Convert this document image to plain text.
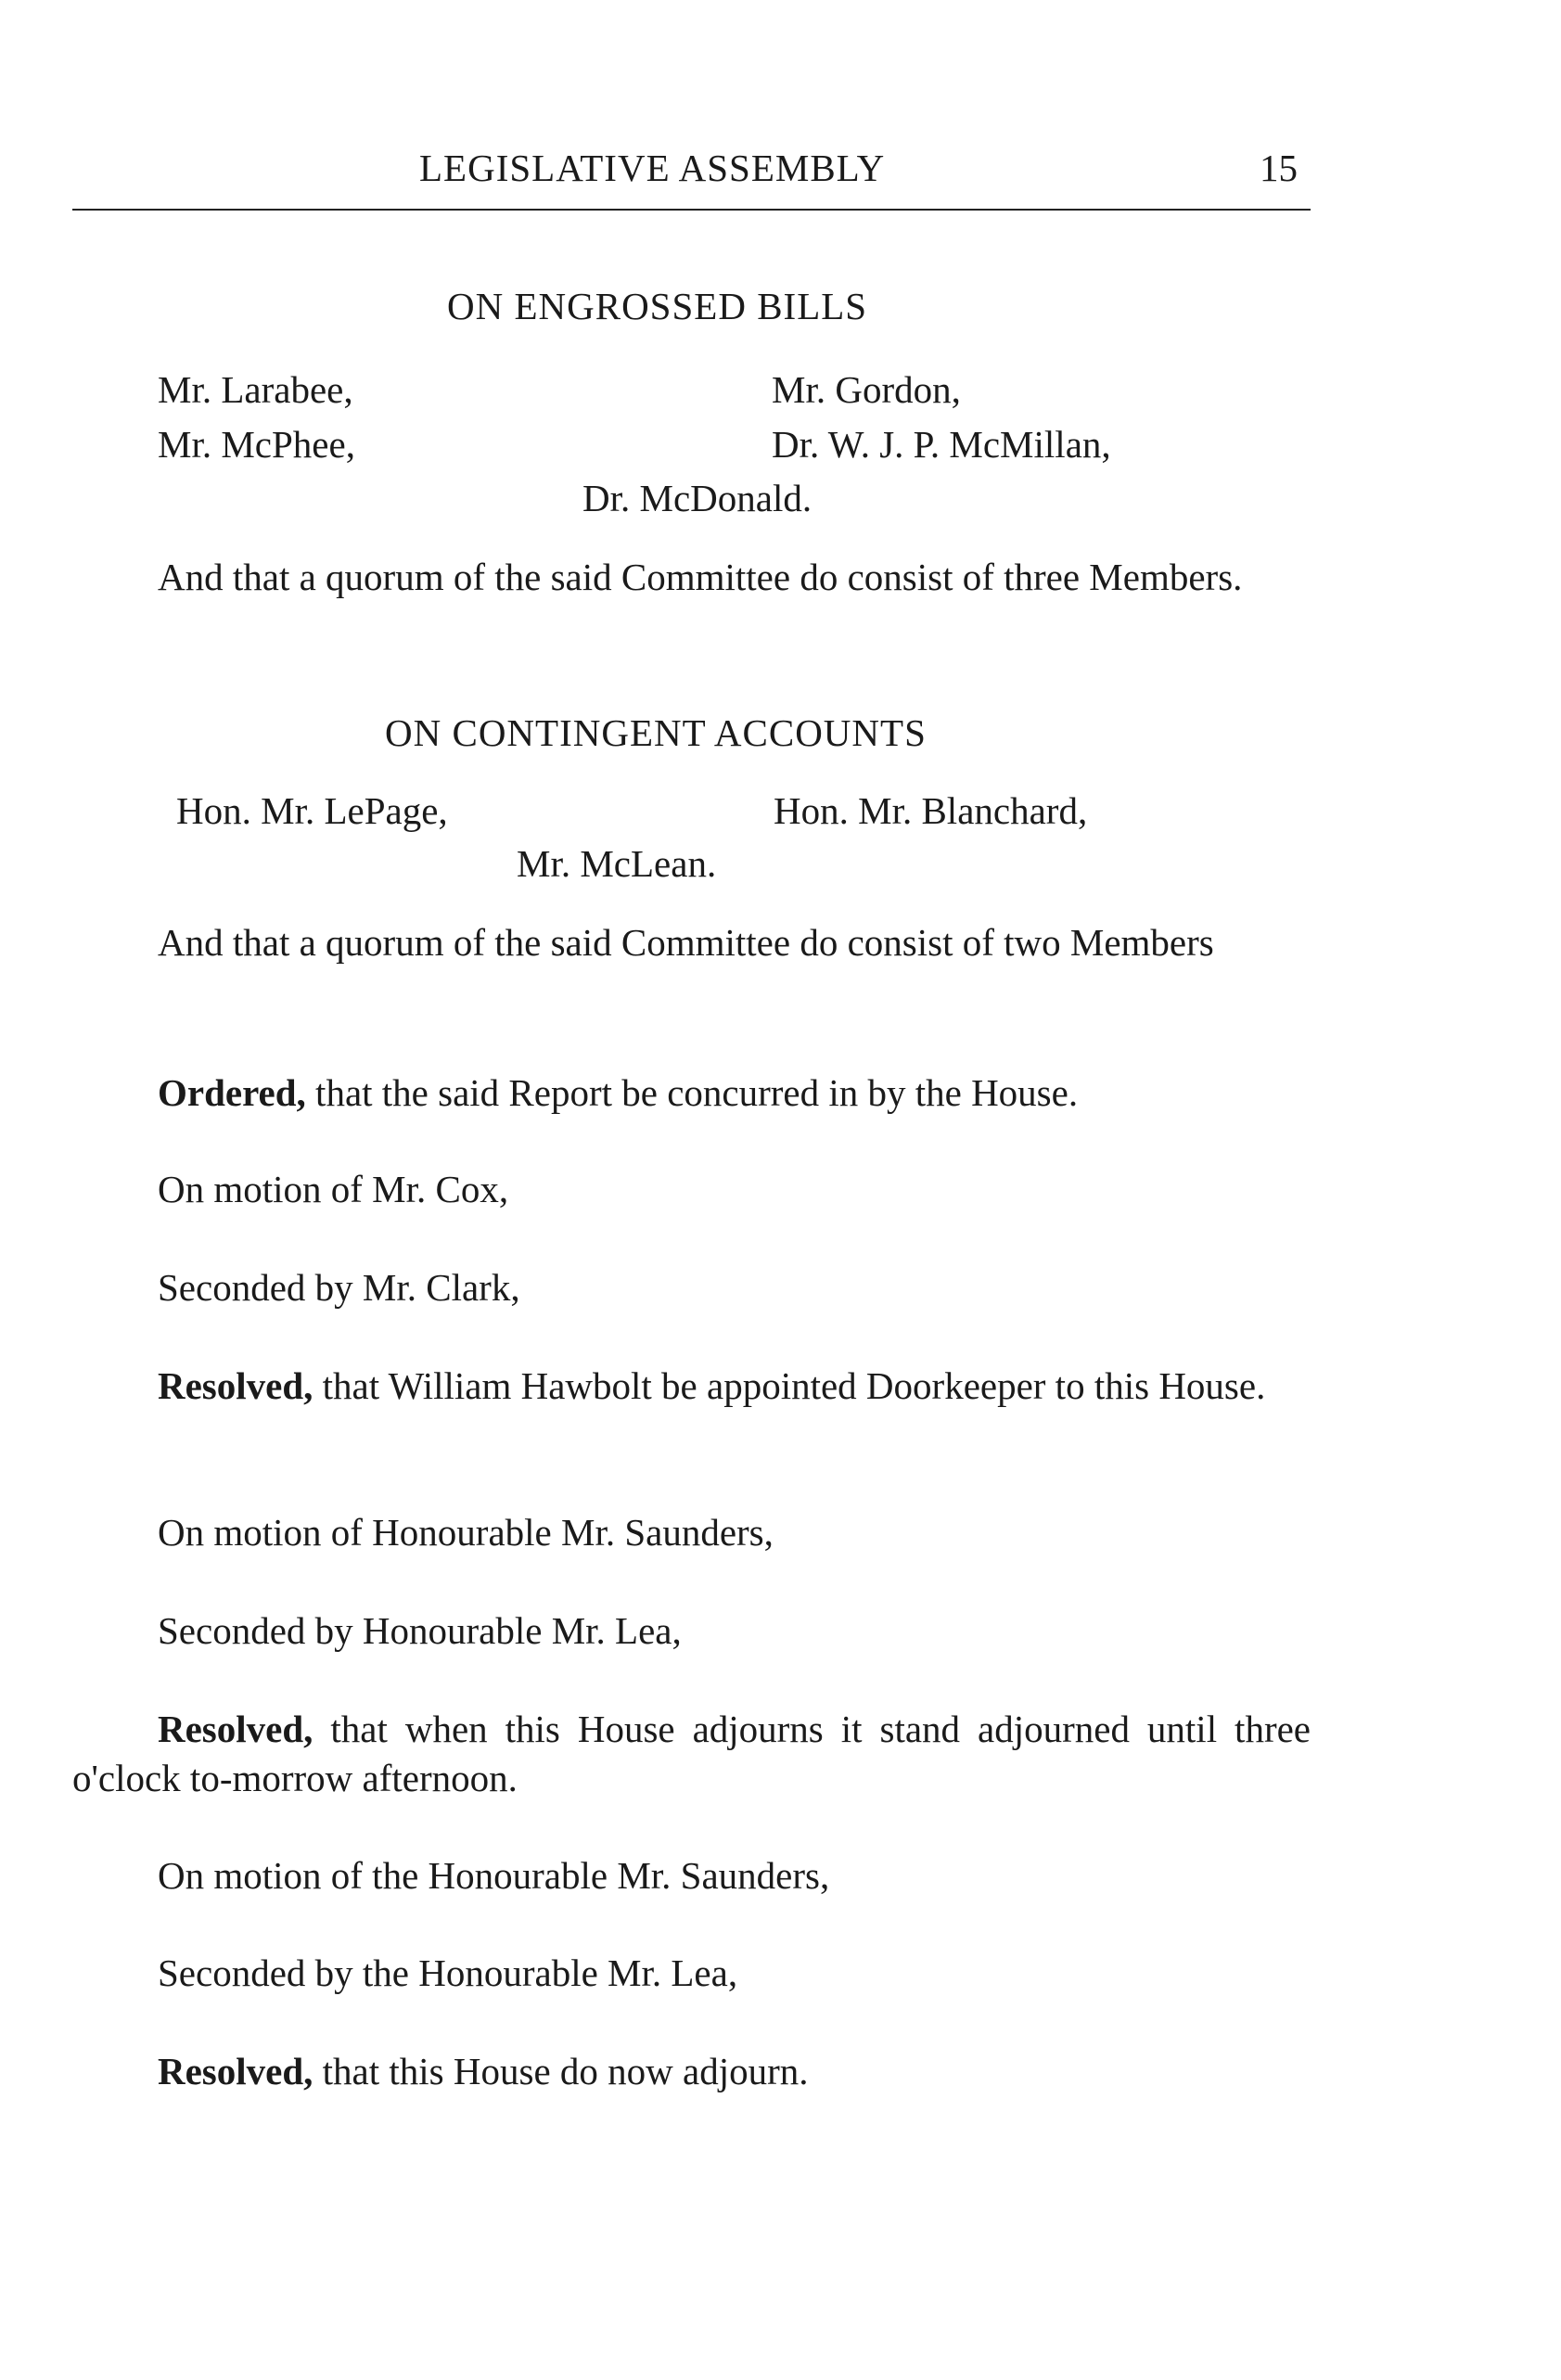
LEGISLATIVE ASSEMBLY	15
ON ENGROSSED BILLS
Mr. Larabee,	Mr. Gordon,
Mr. McPhee,	Dr. W. J. P. McMillan,
Dr. McDonald.
And that a quorum of the said Committee do consist of three Members.
ON CONTINGENT ACCOUNTS
Hon. Mr. LePage,	Hon. Mr. Blanchard,
Mr. McLean.
And that a quorum of the said Committee do consist of two Members
Ordered, that the said Report be concurred in by the House.
On motion of Mr. Cox,
Seconded by Mr. Clark,
Resolved, that William Hawbolt be appointed Doorkeeper to this House.
On motion of Honourable Mr. Saunders,
Seconded by Honourable Mr. Lea,
Resolved, that when this House adjourns it stand adjourned until three o'clock to-morrow afternoon.
On motion of the Honourable Mr. Saunders,
Seconded by the Honourable Mr. Lea,
Resolved, that this House do now adjourn.
